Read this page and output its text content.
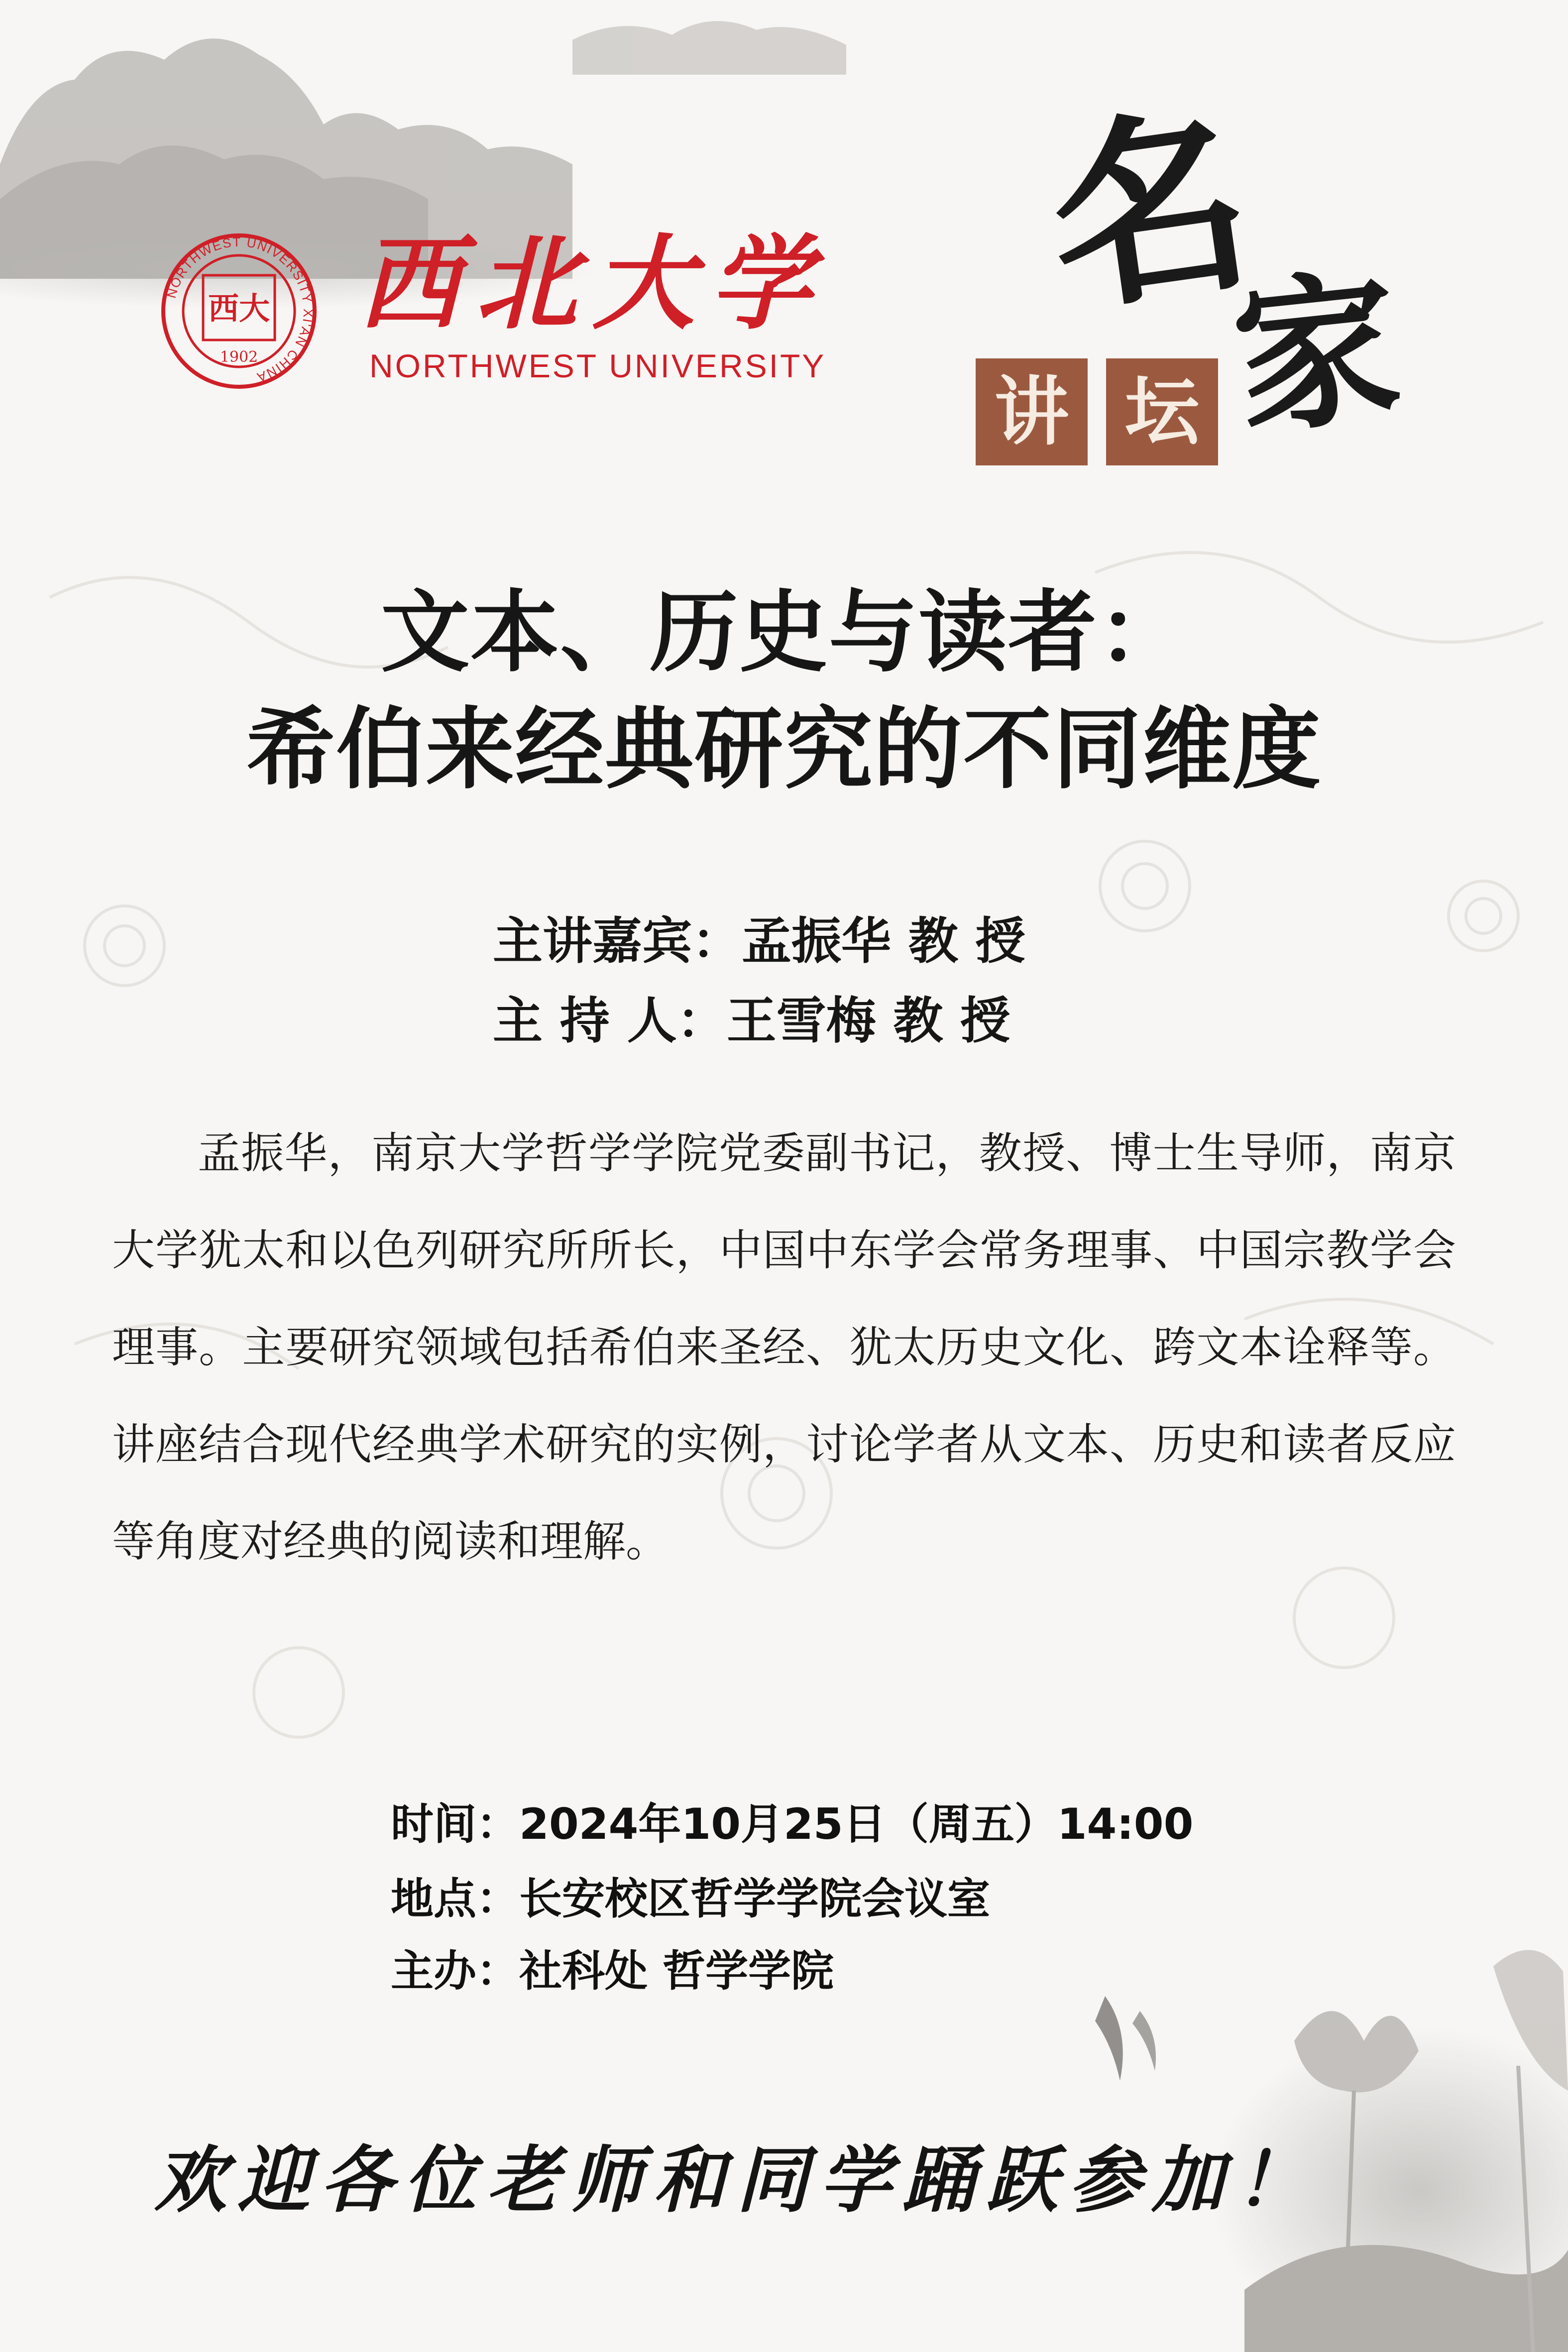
NORTHWEST UNIVERSITY XI'AN CHINA
西大
1902
西北大学
NORTHWEST UNIVERSITY
名
讲 坛 家
文本、历史与读者：
希伯来经典研究的不同维度
主讲嘉宾：孟振华 教 授
主 持 人：王雪梅 教 授
孟振华，南京大学哲学学院党委副书记，教授、博士生导师，南京大学犹太和以色列研究所所长，中国中东学会常务理事、中国宗教学会理事。主要研究领域包括希伯来圣经、犹太历史文化、跨文本诠释等。讲座结合现代经典学术研究的实例，讨论学者从文本、历史和读者反应等角度对经典的阅读和理解。
时间：2024年10月25日（周五）14:00
地点：长安校区哲学学院会议室
主办：社科处 哲学学院
欢迎各位老师和同学踊跃参加！
